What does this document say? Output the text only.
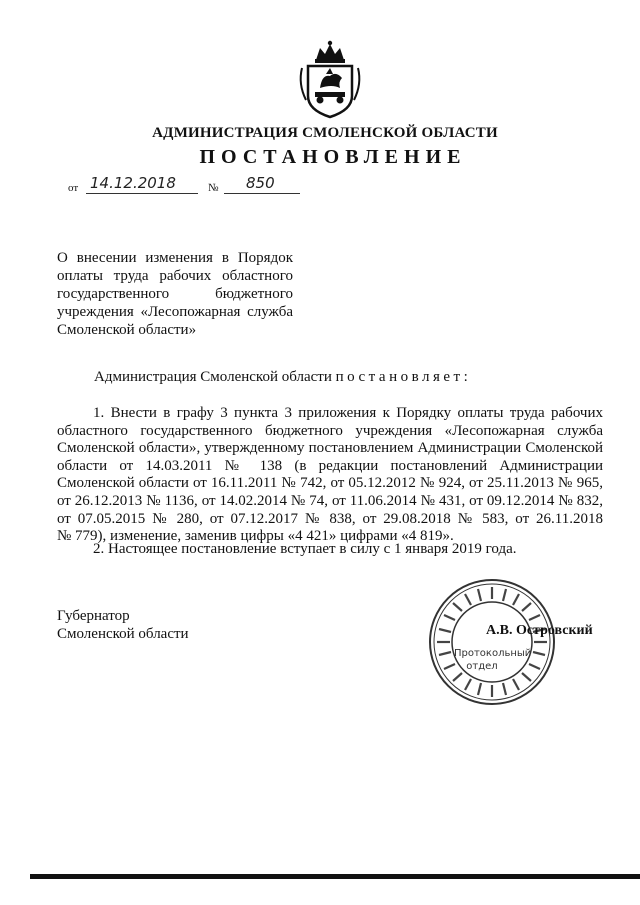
АДМИНИСТРАЦИЯ СМОЛЕНСКОЙ ОБЛАСТИ
ПОСТАНОВЛЕНИЕ
от 14.12.2018	№ 850
О внесении изменения в Порядок
оплаты труда рабочих областного
государственного бюджетного
учреждения «Лесопожарная служба
Смоленской области»
Администрация Смоленской области постановляет:
1. Внести в графу 3 пункта 3 приложения к Порядку оплаты труда рабочих
областного государственного бюджетного учреждения «Лесопожарная служба
Смоленской области», утвержденному постановлением Администрации Смоленской
области от 14.03.2011 № 138 (в редакции постановлений Администрации
Смоленской области от 16.11.2011 № 742, от 05.12.2012 № 924, от 25.11.2013 № 965,
от 26.12.2013 № 1136, от 14.02.2014 № 74, от 11.06.2014 № 431, от 09.12.2014 № 832,
от 07.05.2015 № 280, от 07.12.2017 № 838, от 29.08.2018 № 583, от 26.11.2018
№ 779), изменение, заменив цифры «4 421» цифрами «4 819».
2. Настоящее постановление вступает в силу с 1 января 2019 года.
Губернатор
Смоленской области
Протокольный
отдел
А.В. Островский
